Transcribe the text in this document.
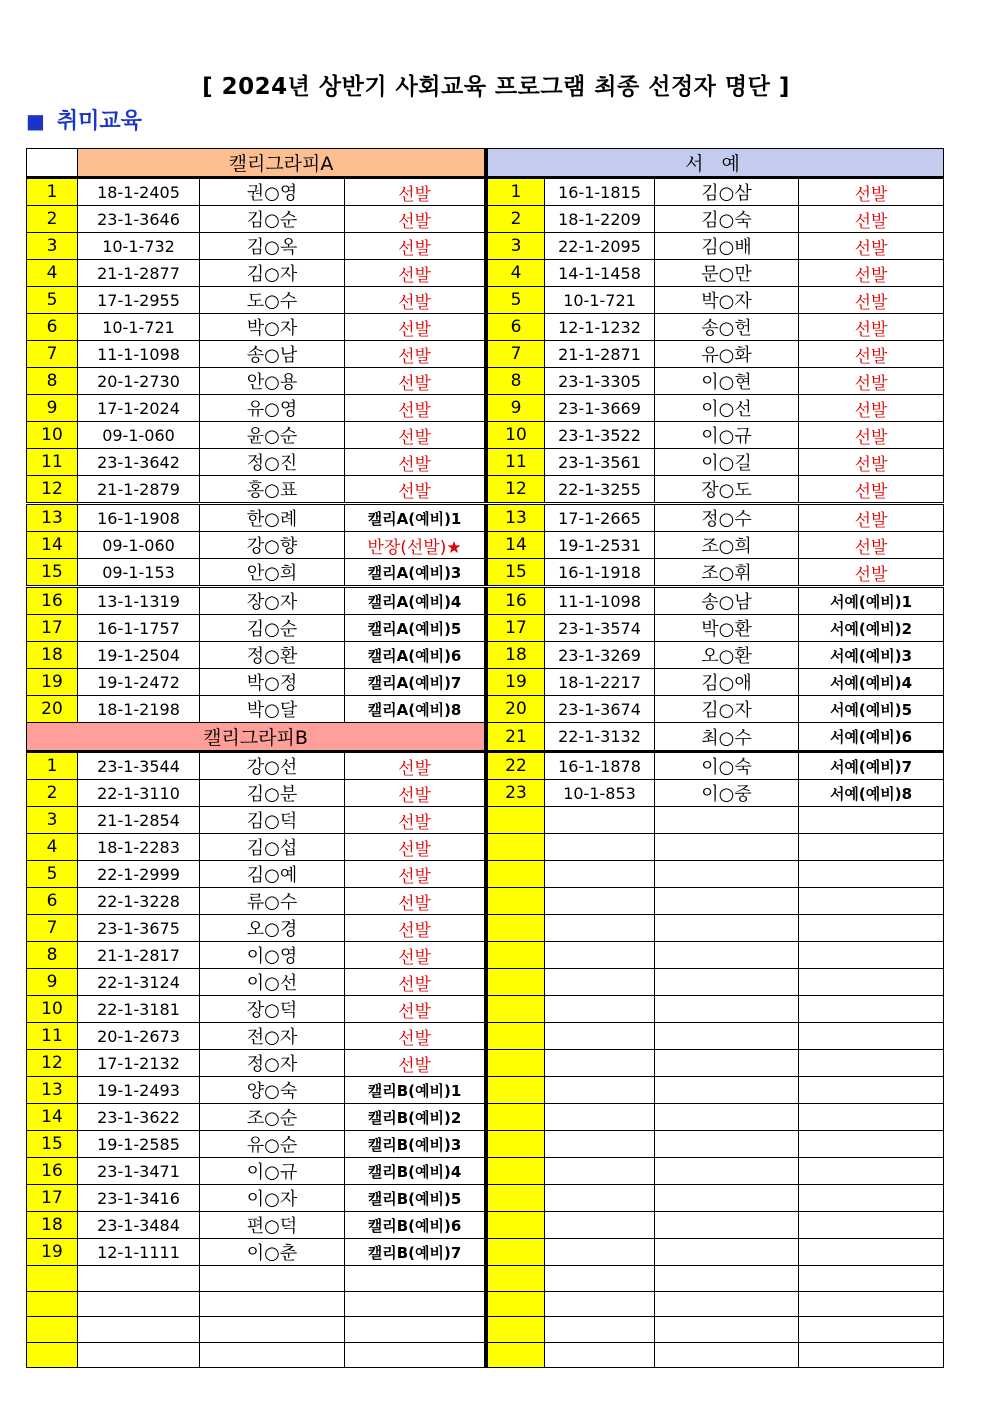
[ 2024년 상반기 사회교육 프로그램 최종 선정자 명단 ]
■ 취미교육
	캘리그라피A				서 예			
1	18-1-2405	권○영	선발		1	16-1-1815	김○삼	선발
2	23-1-3646	김○순	선발		2	18-1-2209	김○숙	선발
3	10-1-732	김○옥	선발		3	22-1-2095	김○배	선발
4	21-1-2877	김○자	선발		4	14-1-1458	문○만	선발
5	17-1-2955	도○수	선발		5	10-1-721	박○자	선발
6	10-1-721	박○자	선발		6	12-1-1232	송○헌	선발
7	11-1-1098	송○남	선발		7	21-1-2871	유○화	선발
8	20-1-2730	안○용	선발		8	23-1-3305	이○현	선발
9	17-1-2024	유○영	선발		9	23-1-3669	이○선	선발
10	09-1-060	윤○순	선발		10	23-1-3522	이○규	선발
11	23-1-3642	정○진	선발		11	23-1-3561	이○길	선발
12	21-1-2879	홍○표	선발		12	22-1-3255	장○도	선발
13	16-1-1908	한○례	캘리A(예비)1		13	17-1-2665	정○수	선발
14	09-1-060	강○향	반장(선발)★		14	19-1-2531	조○희	선발
15	09-1-153	안○희	캘리A(예비)3		15	16-1-1918	조○휘	선발
16	13-1-1319	장○자	캘리A(예비)4		16	11-1-1098	송○남	서예(예비)1
17	16-1-1757	김○순	캘리A(예비)5		17	23-1-3574	박○환	서예(예비)2
18	19-1-2504	정○환	캘리A(예비)6		18	23-1-3269	오○환	서예(예비)3
19	19-1-2472	박○정	캘리A(예비)7		19	18-1-2217	김○애	서예(예비)4
20	18-1-2198	박○달	캘리A(예비)8		20	23-1-3674	김○자	서예(예비)5
캘리그라피B					21	22-1-3132	최○수	서예(예비)6
1	23-1-3544	강○선	선발		22	16-1-1878	이○숙	서예(예비)7
2	22-1-3110	김○분	선발		23	10-1-853	이○중	서예(예비)8
3	21-1-2854	김○덕	선발					
4	18-1-2283	김○섭	선발					
5	22-1-2999	김○예	선발					
6	22-1-3228	류○수	선발					
7	23-1-3675	오○경	선발					
8	21-1-2817	이○영	선발					
9	22-1-3124	이○선	선발					
10	22-1-3181	장○덕	선발					
11	20-1-2673	전○자	선발					
12	17-1-2132	정○자	선발					
13	19-1-2493	양○숙	캘리B(예비)1					
14	23-1-3622	조○순	캘리B(예비)2					
15	19-1-2585	유○순	캘리B(예비)3					
16	23-1-3471	이○규	캘리B(예비)4					
17	23-1-3416	이○자	캘리B(예비)5					
18	23-1-3484	편○덕	캘리B(예비)6					
19	12-1-1111	이○춘	캘리B(예비)7					
